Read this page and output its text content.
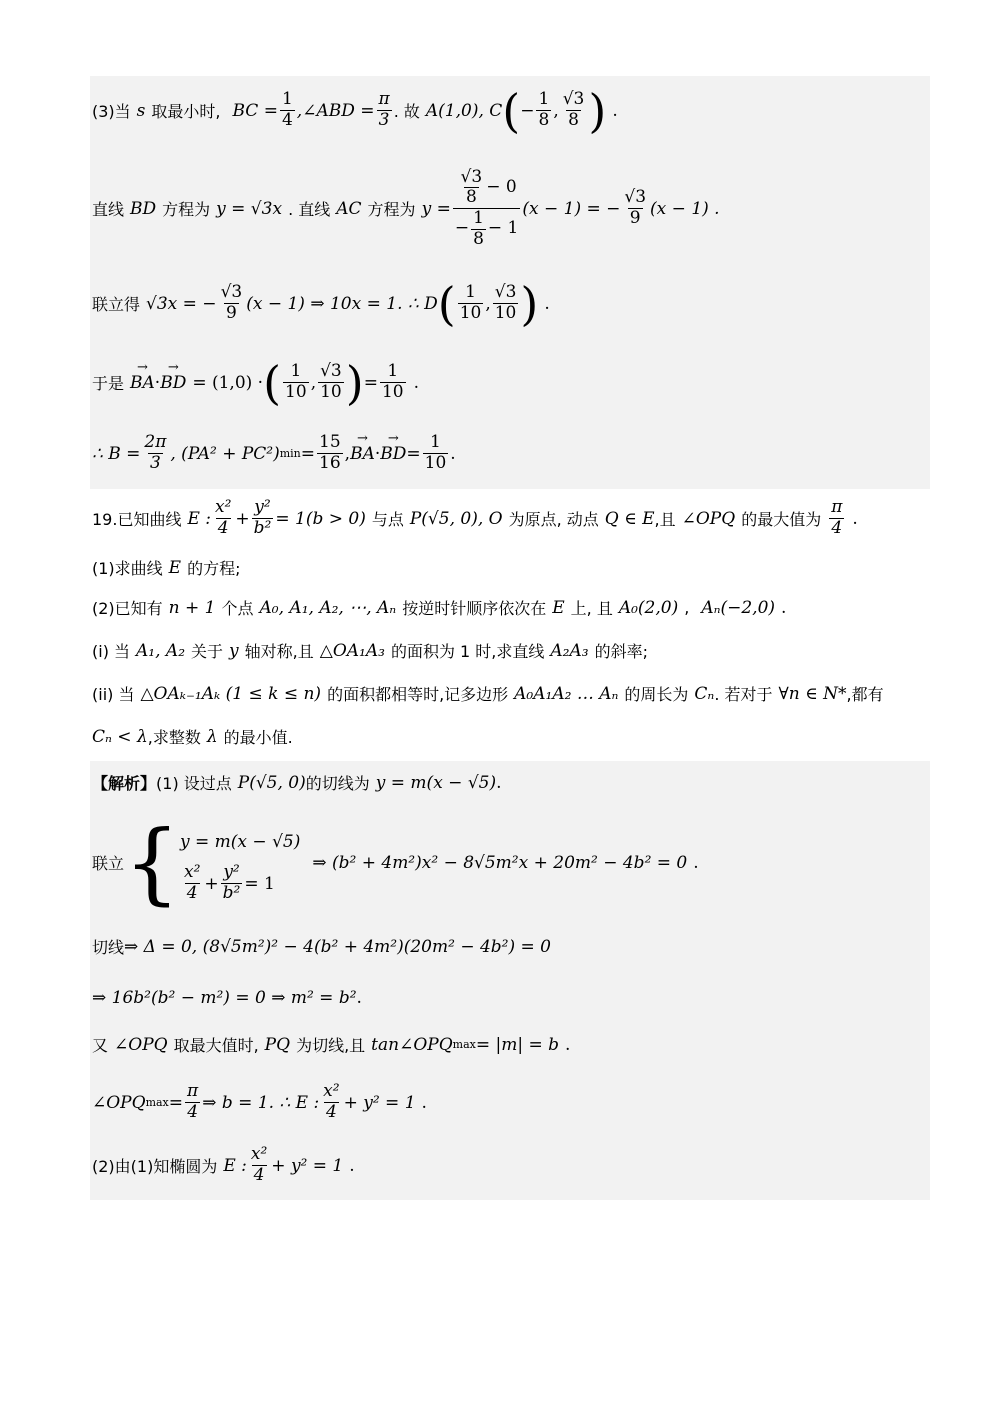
(3)当 s 取最小时, BC = $\frac{1}{4}$ ,∠ABD = $\frac{\pi}{3}$ . 故 A(1,0), C ( − $\frac{1}{8}$ , $\frac{√3}{8}$ ) .
直线 BD 方程为 y = √3x . 直线 AC 方程为 $y = \frac{\frac{√3}{8} - 0}{- \frac{1}{8} - 1} (x - 1)$ = − $\frac{√3}{9} (x - 1)$ .
联立得 √3x = − $\frac{√3}{9} (x - 1)$ ⇒ 10x = 1. ∴ D ( $\frac{1}{10}$ , $\frac{√3}{10}$ ) .
于是 → BA · → BD = (1,0) · ( $\frac{1}{10}$ , $\frac{√3}{10}$ ) = $\frac{1}{10}$ .
∴ $B = \frac{2\pi}{3}$ , (PA² + PC²) $\min = \frac{15}{16}$ , → BA · → BD = $\frac{1}{10}$ .
19.已知曲线 E : $\frac{\text{x²}}{4} + \frac{\text{y²}}{\text{b²}} = 1(b > 0)$ 与点 P(√5, 0), O 为原点, 动点 Q ∈ E ,且 ∠OPQ 的最大值为 $\frac{\pi}{4}$ .
(1)求曲线 E 的方程;
(2)已知有 n + 1 个点 A₀, A₁, A₂, ⋯, Aₙ 按逆时针顺序依次在 E 上, 且 A₀(2,0) , Aₙ(−2,0) .
(i) 当 A₁, A₂ 关于 y 轴对称,且 △OA₁A₃ 的面积为 1 时,求直线 A₂A₃ 的斜率;
(ii) 当 △OAₖ₋₁Aₖ (1 ≤ k ≤ n) 的面积都相等时,记多边形 A₀A₁A₂ … Aₙ 的周长为 Cₙ . 若对于 ∀n ∈ N* ,都有
Cₙ < λ ,求整数 λ 的最小值.
【解析】 (1) 设过点 P(√5, 0) 的切线为 y = m(x − √5) .
联立 { y = m(x − √5)
$\frac{\text{x²}}{4} + \frac{\text{y²}}{\text{b²}} = 1$
⇒ (b² + 4m²)x² − 8√5m²x + 20m² − 4b² = 0 .
切线 ⇒ Δ = 0, (8√5m²)² − 4(b² + 4m²)(20m² − 4b²) = 0
⇒ 16b²(b² − m²) = 0 ⇒ m² = b² .
又 ∠OPQ 取最大值时, PQ 为切线,且 tan∠OPQ max = |m| = b .
∠OPQ $\max = \frac{\pi}{4}$ ⇒ b = 1. ∴ E : $\frac{\text{x²}}{4} + y^2 = 1$ .
(2)由(1)知椭圆为 E : $\frac{\text{x²}}{4} + y^2 = 1$ .
